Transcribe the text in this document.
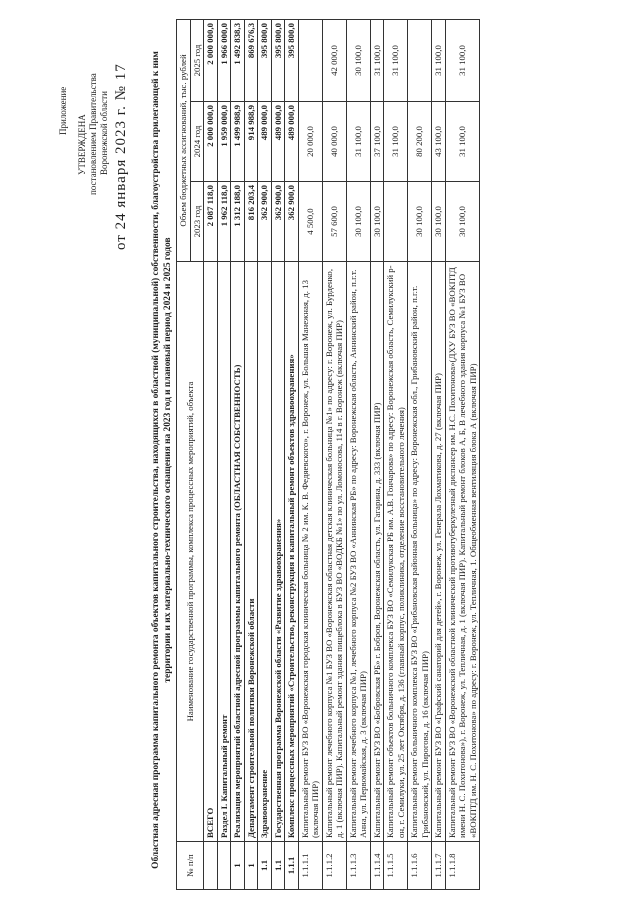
Приложение
УТВЕРЖДЕНА постановлением Правительства Воронежской области от 24 января 2023 г. № 17 Областная адресная программа капитального ремонта объектов капитального строительства, находящихся в областной (муниципальной) собственности, благоустройства прилегающей к ним территории и их материально-технического оснащения на 2023 год и плановый период 2024 и 2025 годов
№ п/п	Наименование государственной программы, комплекса процессных мероприятий, объекта	Объем бюджетных ассигнований, тыс. рублей		
		2023 год	2024 год	2025 год
	ВСЕГО	2 087 118,0	2 000 000,0	2 000 000,0
	Раздел I. Капитальный ремонт	1 962 118,0	1 959 000,0	1 966 000,0
1	Реализация мероприятий областной адресной программы капитального ремонта (ОБЛАСТНАЯ СОБСТВЕННОСТЬ)	1 312 188,0	1 499 988,9	1 492 838,3
1	Департамент строительной политики Воронежской области	816 203,4	914 988,9	869 676,3
1.1	Здравоохранение	362 900,0	489 000,0	395 800,0
1.1	Государственная программа Воронежской области «Развитие здравоохранения»	362 900,0	489 000,0	395 800,0
1.1.1	Комплекс процессных мероприятий «Строительство, реконструкция и капитальный ремонт объектов здравоохранения»	362 900,0	489 000,0	395 800,0
1.1.1.1	Капитальный ремонт БУЗ ВО «Воронежская городская клиническая больница № 2 им. К. В. Федяевского», г. Воронеж, ул. Большая Манежная, д. 13 (включая ПИР)	4 500,0	20 000,0	
1.1.1.2	Капитальный ремонт лечебного корпуса №1 БУЗ ВО «Воронежская областная детская клиническая больница №1» по адресу: г. Воронеж, ул. Бурденко, д. 1 (включая ПИР). Капитальный ремонт здания пищеблока в БУЗ ВО «ВОДКБ №1» по ул. Ломоносова, 114 в г. Воронеж (включая ПИР)	57 600,0	40 000,0	42 000,0
1.1.1.3	Капитальный ремонт лечебного корпуса №1, лечебного корпуса №2 БУЗ ВО «Аннинская РБ» по адресу: Воронежская область, Аннинский район, п.г.т. Анна, ул. Первомайская, д. 3 (включая ПИР)	30 100,0	31 100,0	30 100,0
1.1.1.4	Капитальный ремонт БУЗ ВО «Бобровская РБ» г. Бобров, Воронежская область, ул. Гагарина, д. 333 (включая ПИР)	30 100,0	37 100,0	31 100,0
1.1.1.5	Капитальный ремонт объектов больничного комплекса БУЗ ВО «Семилукская РБ им. А.В. Гончарова» по адресу: Воронежская область, Семилукский р-он, г. Семилуки, ул. 25 лет Октября, д. 136 (главный корпус, поликлиника, отделение восстановительного лечения)		31 100,0	31 100,0
1.1.1.6	Капитальный ремонт больничного комплекса БУЗ ВО «Грибановская районная больница» по адресу: Воронежская обл., Грибановский район, п.г.т. Грибановский, ул. Пирогова, д. 16 (включая ПИР)	30 100,0	80 200,0	
1.1.1.7	Капитальный ремонт БУЗ ВО «Графский санаторий для детей», г. Воронеж, ул. Генерала Лохматикова, д. 27 (включая ПИР)	30 100,0	43 100,0	31 100,0
1.1.1.8	Капитальный ремонт БУЗ ВО «Воронежский областной клинический противотуберкулезный диспансер им. Н.С. Похитонова»(ДХУ БУЗ ВО «ВОКПТД имени Н. С. Похитонова»), г. Воронеж, ул. Тепличная, д. 1 (включая ПИР). Капитальный ремонт блоков А, Б, В лечебного здания корпуса №1 БУЗ ВО «ВОКПТД им. Н. С. Похитонова» по адресу: г. Воронеж, ул. Тепличная, 1. Общеобменная вентиляция блока А (включая ПИР)	30 100,0	31 100,0	31 100,0
